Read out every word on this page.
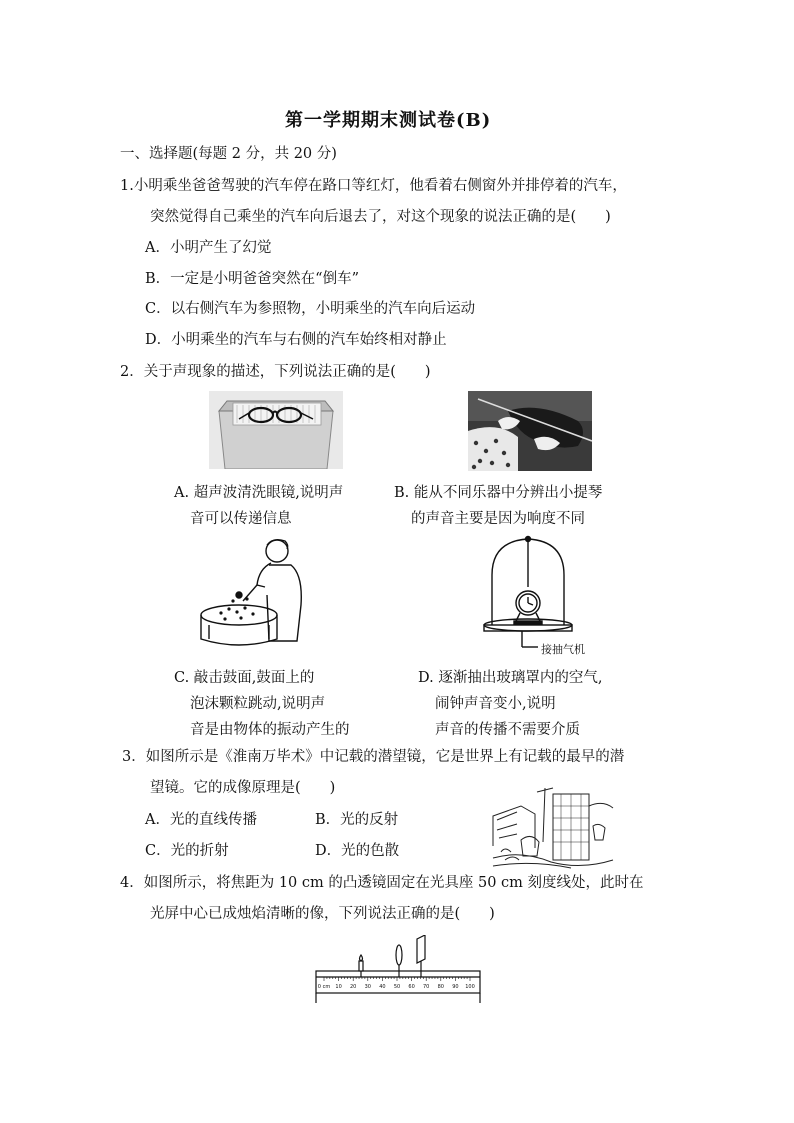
第一学期期末测试卷(B)
一、选择题(每题 2 分，共 20 分)
1.小明乘坐爸爸驾驶的汽车停在路口等红灯，他看着右侧窗外并排停着的汽车，
突然觉得自己乘坐的汽车向后退去了，对这个现象的说法正确的是(　　)
A．小明产生了幻觉
B．一定是小明爸爸突然在“倒车”
C．以右侧汽车为参照物，小明乘坐的汽车向后运动
D．小明乘坐的汽车与右侧的汽车始终相对静止
2．关于声现象的描述，下列说法正确的是(　　)
A. 超声波清洗眼镜,说明声
音可以传递信息
B. 能从不同乐器中分辨出小提琴
的声音主要是因为响度不同
接抽气机
C. 敲击鼓面,鼓面上的
泡沫颗粒跳动,说明声
音是由物体的振动产生的
D. 逐渐抽出玻璃罩内的空气,
闹钟声音变小,说明
声音的传播不需要介质
3．如图所示是《淮南万毕术》中记载的潜望镜，它是世界上有记载的最早的潜
望镜。它的成像原理是(　　)
A．光的直线传播	B．光的反射
C．光的折射	D．光的色散
4．如图所示，将焦距为 10 cm 的凸透镜固定在光具座 50 cm 刻度线处，此时在
光屏中心已成烛焰清晰的像，下列说法正确的是(　　)
0 cm 10 20 30 40 50 60 70 80 90 100
